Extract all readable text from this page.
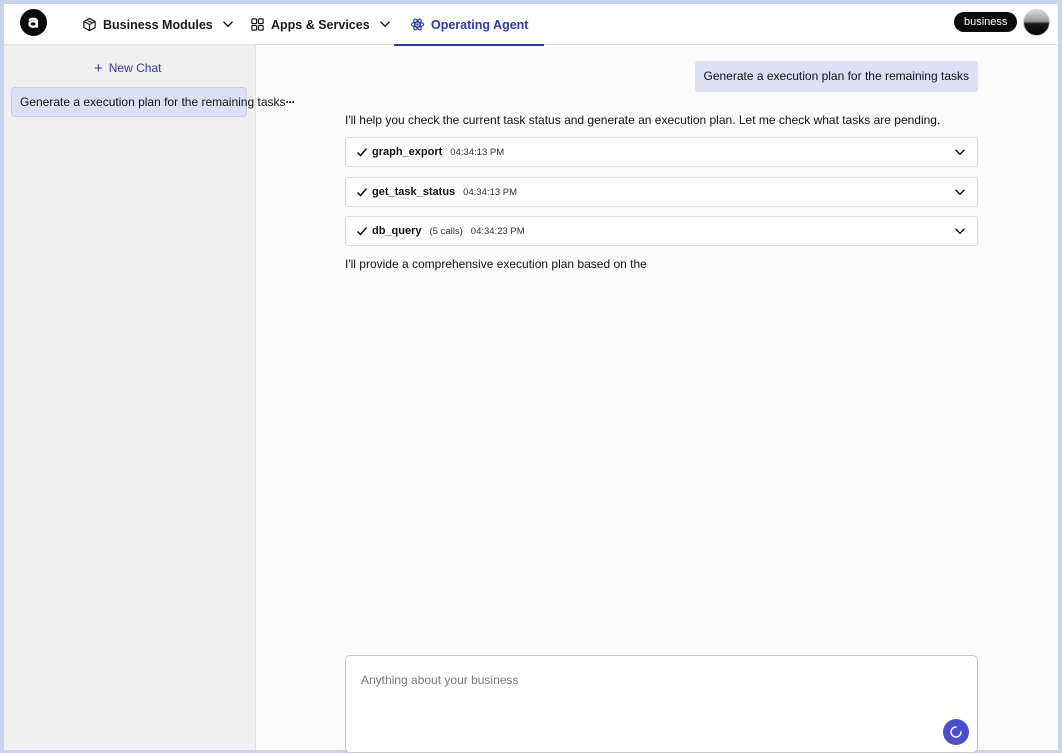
Business Modules	Apps & Services	Operating Agent	business
+ New Chat
Generate a execution plan for the remaining tasks ···
Generate a execution plan for the remaining tasks
I'll help you check the current task status and generate an execution plan. Let me check what tasks are pending.
graph_export 04:34:13 PM
get_task_status 04:34:13 PM
db_query (5 calls) 04:34:23 PM
I'll provide a comprehensive execution plan based on the
Anything about your business
